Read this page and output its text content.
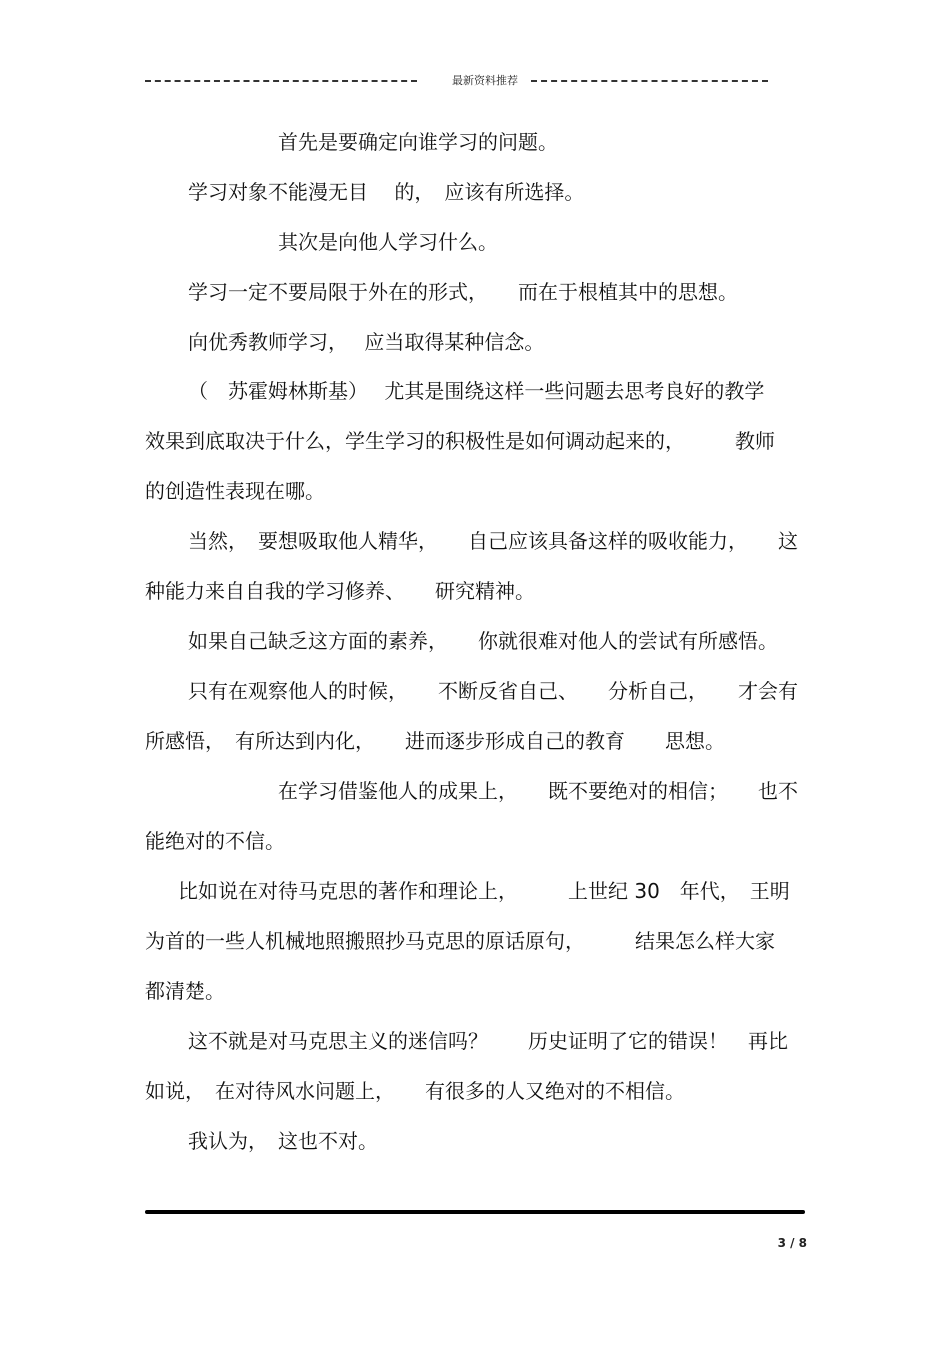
最新资料推荐
首先是要确定向谁学习的问题。
学习对象不能漫无目　 的，　应该有所选择。
其次是向他人学习什么。
学习一定不要局限于外在的形式，　　而在于根植其中的思想。
向优秀教师学习，　 应当取得某种信念。
（　苏霍姆林斯基）　 尤其是围绕这样一些问题去思考良好的教学
效果到底取决于什么，学生学习的积极性是如何调动起来的，　　　教师
的创造性表现在哪。
当然，　要想吸取他人精华，　　自己应该具备这样的吸收能力，　　这
种能力来自自我的学习修养、　　研究精神。
如果自己缺乏这方面的素养，　　你就很难对他人的尝试有所感悟。
只有在观察他人的时候，　　不断反省自己、　　分析自己，　　才会有
所感悟，　有所达到内化，　　进而逐步形成自己的教育　　思想。
在学习借鉴他人的成果上，　　既不要绝对的相信；　　也不
能绝对的不信。
比如说在对待马克思的著作和理论上，　　　上世纪 30　年代，　王明
为首的一些人机械地照搬照抄马克思的原话原句，　　　结果怎么样大家
都清楚。
这不就是对马克思主义的迷信吗？　　历史证明了它的错误！　再比
如说，　在对待风水问题上，　　有很多的人又绝对的不相信。
我认为，　这也不对。
3 / 8
